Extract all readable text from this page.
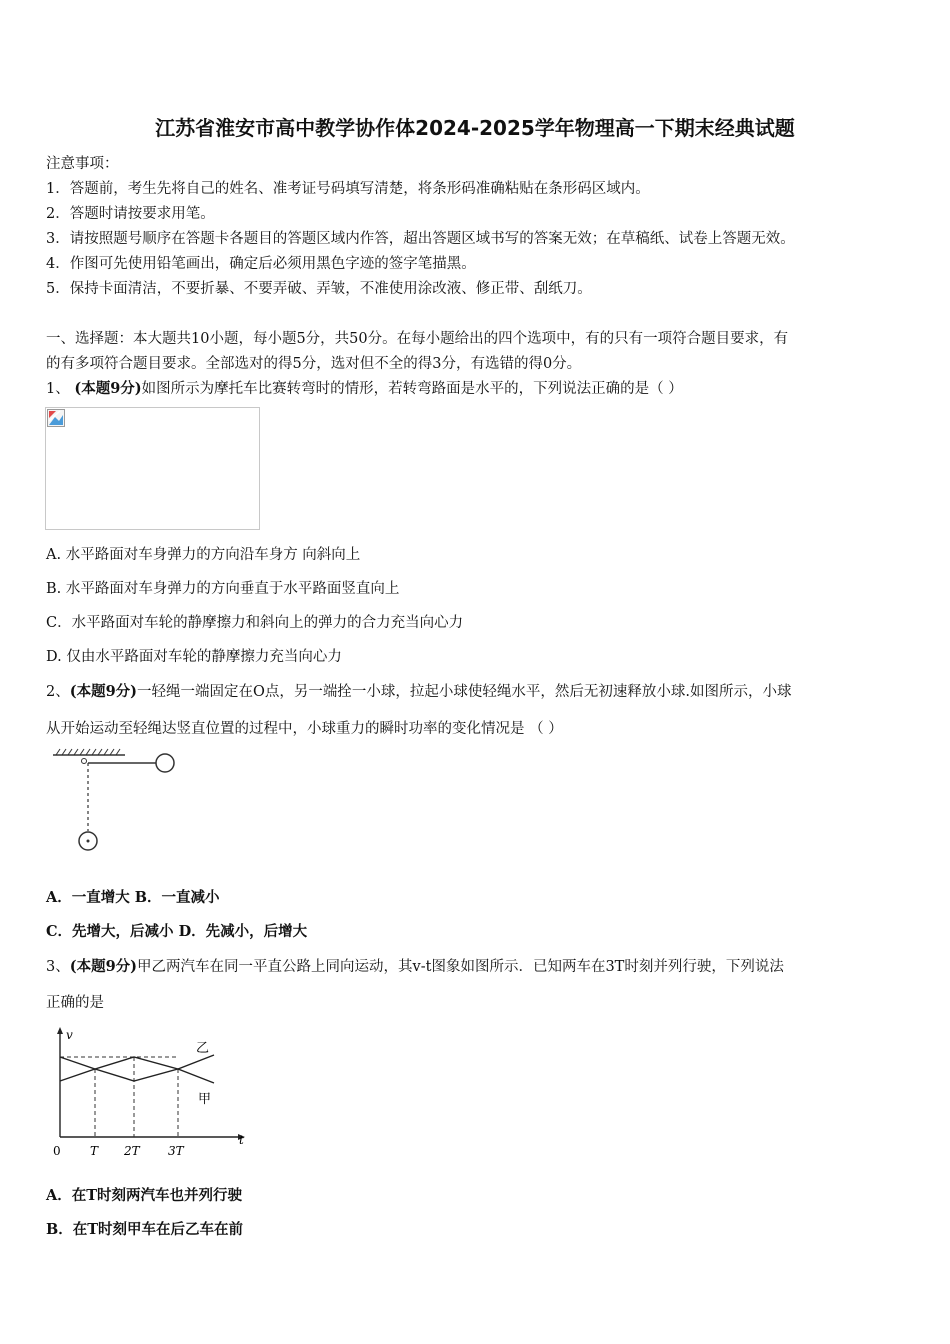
江苏省淮安市高中教学协作体2024-2025学年物理高一下期末经典试题
注意事项：
1．答题前，考生先将自己的姓名、准考证号码填写清楚，将条形码准确粘贴在条形码区域内。
2．答题时请按要求用笔。
3．请按照题号顺序在答题卡各题目的答题区域内作答，超出答题区域书写的答案无效；在草稿纸、试卷上答题无效。
4．作图可先使用铅笔画出，确定后必须用黑色字迹的签字笔描黑。
5．保持卡面清洁，不要折暴、不要弄破、弄皱，不准使用涂改液、修正带、刮纸刀。
一、选择题：本大题共10小题，每小题5分，共50分。在每小题给出的四个选项中，有的只有一项符合题目要求，有
的有多项符合题目要求。全部选对的得5分，选对但不全的得3分，有选错的得0分。
1、 (本题9分)如图所示为摩托车比赛转弯时的情形，若转弯路面是水平的，下列说法正确的是（ ）
A. 水平路面对车身弹力的方向沿车身方 向斜向上
B. 水平路面对车身弹力的方向垂直于水平路面竖直向上
C．水平路面对车轮的静摩擦力和斜向上的弹力的合力充当向心力
D. 仅由水平路面对车轮的静摩擦力充当向心力
2、(本题9分)一轻绳一端固定在O点，另一端拴一小球，拉起小球使轻绳水平，然后无初速释放小球.如图所示，小球
从开始运动至轻绳达竖直位置的过程中，小球重力的瞬时功率的变化情况是 （ ）
A．一直增大 B．一直减小
C．先增大，后减小 D．先减小，后增大
3、(本题9分)甲乙两汽车在同一平直公路上同向运动，其v-t图象如图所示．已知两车在3T时刻并列行驶，下列说法
正确的是
v
t
乙
甲
0 T 2T 3T
A．在T时刻两汽车也并列行驶
B．在T时刻甲车在后乙车在前
